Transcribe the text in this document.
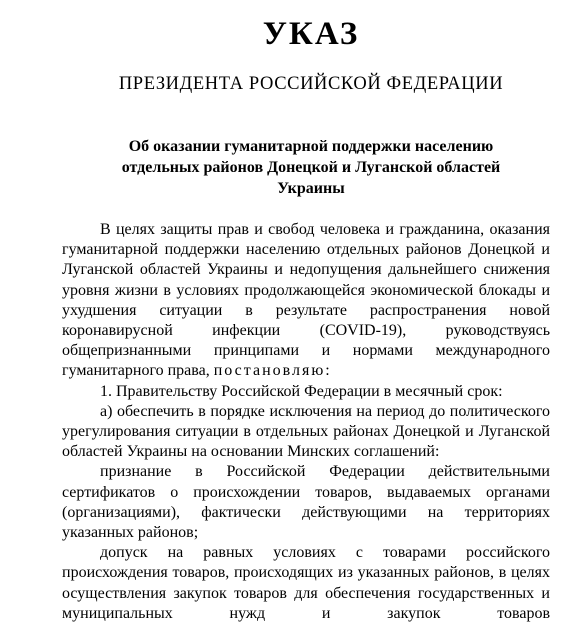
УКАЗ
ПРЕЗИДЕНТА РОССИЙСКОЙ ФЕДЕРАЦИИ
Об оказании гуманитарной поддержки населению отдельных районов Донецкой и Луганской областей Украины

В целях защиты прав и свобод человека и гражданина, оказания гуманитарной поддержки населению отдельных районов Донецкой и Луганской областей Украины и недопущения дальнейшего снижения уровня жизни в условиях продолжающейся экономической блокады и ухудшения ситуации в результате распространения новой коронавирусной инфекции (COVID-19), руководствуясь общепризнанными принципами и нормами международного гуманитарного права, постановляю:

1. Правительству Российской Федерации в месячный срок:

а) обеспечить в порядке исключения на период до политического урегулирования ситуации в отдельных районах Донецкой и Луганской областей Украины на основании Минских соглашений:

признание в Российской Федерации действительными сертификатов о происхождении товаров, выдаваемых органами (организациями), фактически действующими на территориях указанных районов;

допуск на равных условиях с товарами российского происхождения товаров, происходящих из указанных районов, в целях осуществления закупок товаров для обеспечения государственных и муниципальных нужд и закупок товаров
